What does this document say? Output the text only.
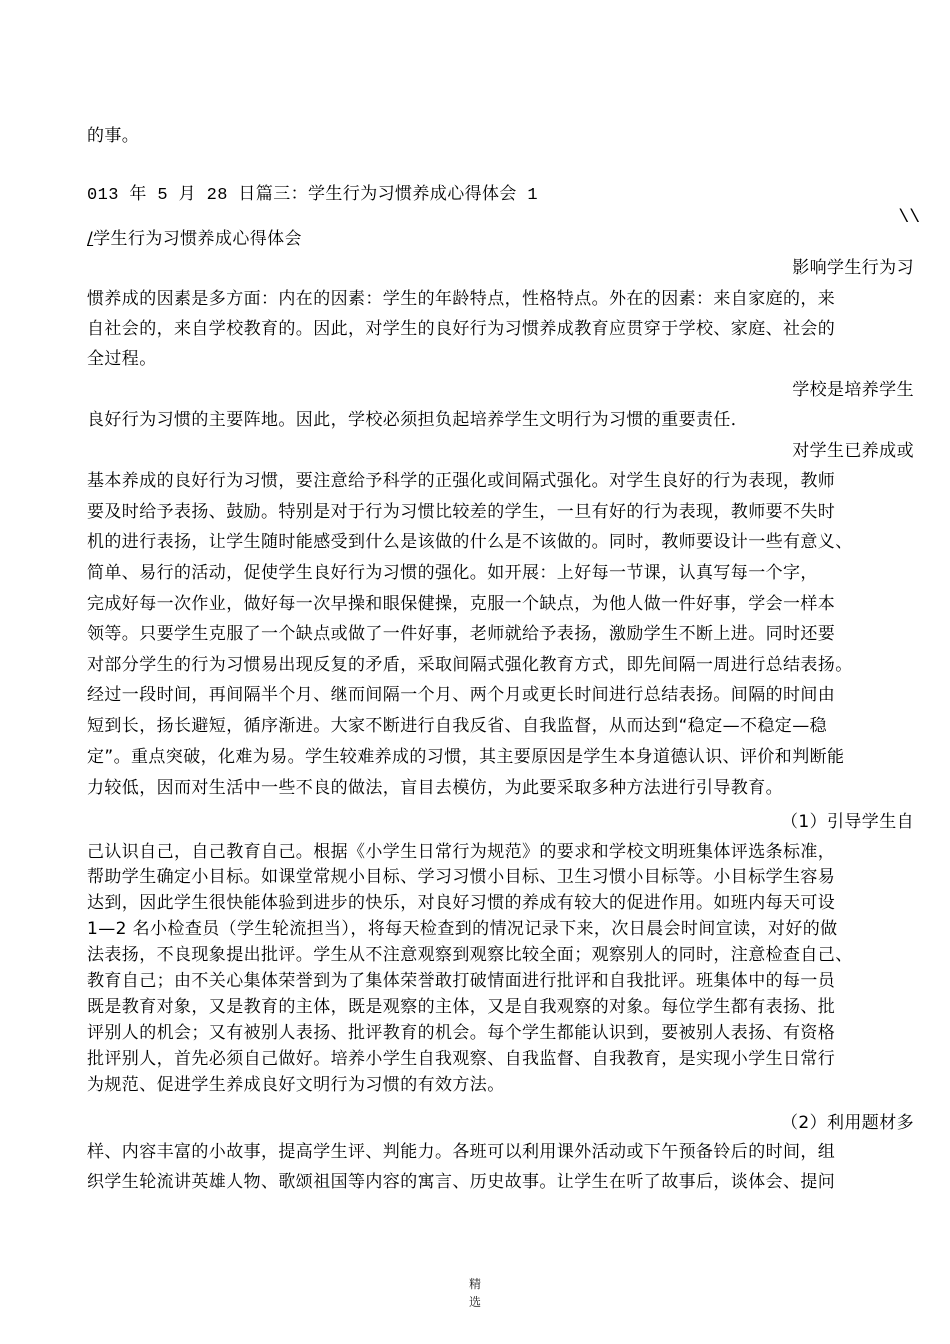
的事。
013 年 5 月 28 日篇三：学生行为习惯养成心得体会 1
\\
/学生行为习惯养成心得体会
影响学生行为习
惯养成的因素是多方面：内在的因素：学生的年龄特点，性格特点。外在的因素：来自家庭的，来
自社会的，来自学校教育的。因此，对学生的良好行为习惯养成教育应贯穿于学校、家庭、社会的
全过程。
学校是培养学生
良好行为习惯的主要阵地。因此，学校必须担负起培养学生文明行为习惯的重要责任．
对学生已养成或
基本养成的良好行为习惯，要注意给予科学的正强化或间隔式强化。对学生良好的行为表现，教师
要及时给予表扬、鼓励。特别是对于行为习惯比较差的学生，一旦有好的行为表现，教师要不失时
机的进行表扬，让学生随时能感受到什么是该做的什么是不该做的。同时，教师要设计一些有意义、
简单、易行的活动，促使学生良好行为习惯的强化。如开展：上好每一节课，认真写每一个字，
完成好每一次作业，做好每一次早操和眼保健操，克服一个缺点，为他人做一件好事，学会一样本
领等。只要学生克服了一个缺点或做了一件好事，老师就给予表扬，激励学生不断上进。同时还要
对部分学生的行为习惯易出现反复的矛盾，采取间隔式强化教育方式，即先间隔一周进行总结表扬。
经过一段时间，再间隔半个月、继而间隔一个月、两个月或更长时间进行总结表扬。间隔的时间由
短到长，扬长避短，循序渐进。大家不断进行自我反省、自我监督，从而达到“稳定—不稳定—稳
定”。重点突破，化难为易。学生较难养成的习惯，其主要原因是学生本身道德认识、评价和判断能
力较低，因而对生活中一些不良的做法，盲目去模仿，为此要采取多种方法进行引导教育。
（1）引导学生自
己认识自己，自己教育自己。根据《小学生日常行为规范》的要求和学校文明班集体评选条标准，
帮助学生确定小目标。如课堂常规小目标、学习习惯小目标、卫生习惯小目标等。小目标学生容易
达到，因此学生很快能体验到进步的快乐，对良好习惯的养成有较大的促进作用。如班内每天可设
1—2 名小检查员（学生轮流担当），将每天检查到的情况记录下来，次日晨会时间宣读，对好的做
法表扬，不良现象提出批评。学生从不注意观察到观察比较全面；观察别人的同时，注意检查自己、
教育自己；由不关心集体荣誉到为了集体荣誉敢打破情面进行批评和自我批评。班集体中的每一员
既是教育对象，又是教育的主体，既是观察的主体，又是自我观察的对象。每位学生都有表扬、批
评别人的机会；又有被别人表扬、批评教育的机会。每个学生都能认识到，要被别人表扬、有资格
批评别人，首先必须自己做好。培养小学生自我观察、自我监督、自我教育，是实现小学生日常行
为规范、促进学生养成良好文明行为习惯的有效方法。
（2）利用题材多
样、内容丰富的小故事，提高学生评、判能力。各班可以利用课外活动或下午预备铃后的时间，组
织学生轮流讲英雄人物、歌颂祖国等内容的寓言、历史故事。让学生在听了故事后，谈体会、提问
精
选
